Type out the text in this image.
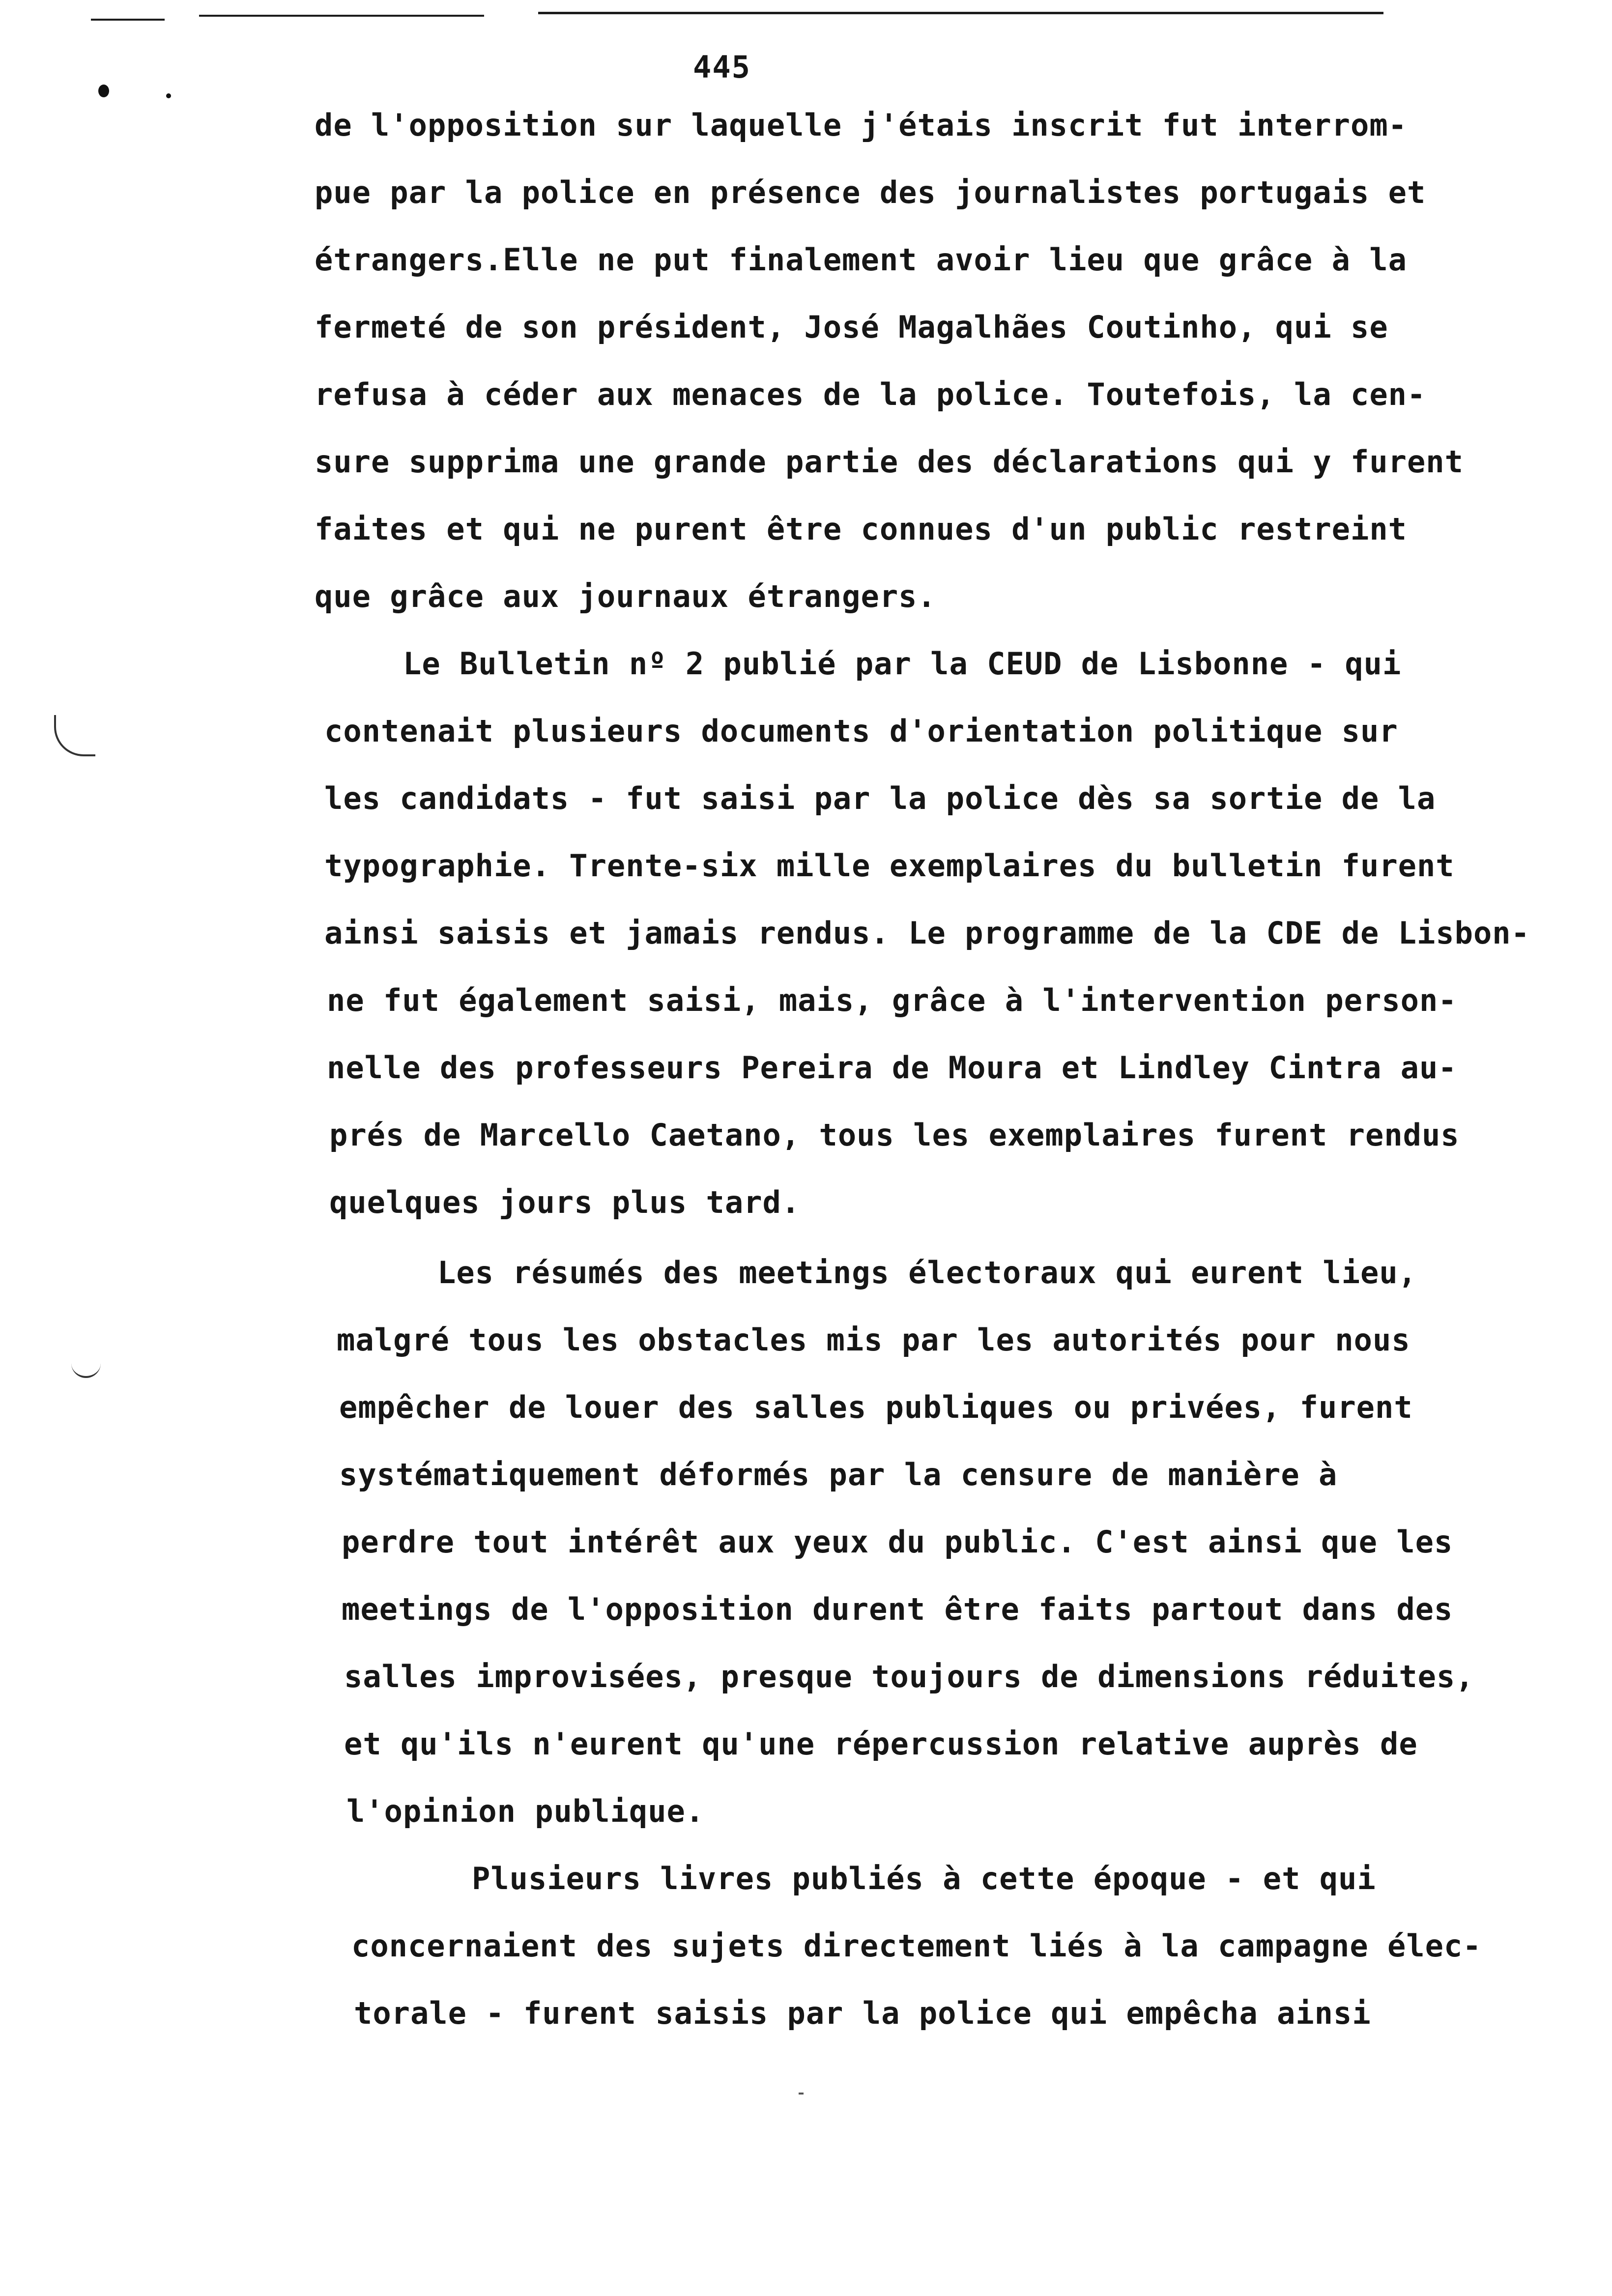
445
de l'opposition sur laquelle j'étais inscrit fut interrom-
pue par la police en présence des journalistes portugais et
étrangers.Elle ne put finalement avoir lieu que grâce à la
fermeté de son président, José Magalhães Coutinho, qui se
refusa à céder aux menaces de la police. Toutefois, la cen-
sure supprima une grande partie des déclarations qui y furent
faites et qui ne purent être connues d'un public restreint
que grâce aux journaux étrangers.
Le Bulletin nº 2 publié par la CEUD de Lisbonne - qui
contenait plusieurs documents d'orientation politique sur
les candidats - fut saisi par la police dès sa sortie de la
typographie. Trente-six mille exemplaires du bulletin furent
ainsi saisis et jamais rendus. Le programme de la CDE de Lisbon-
ne fut également saisi, mais, grâce à l'intervention person-
nelle des professeurs Pereira de Moura et Lindley Cintra au-
prés de Marcello Caetano, tous les exemplaires furent rendus
quelques jours plus tard.
Les résumés des meetings électoraux qui eurent lieu,
malgré tous les obstacles mis par les autorités pour nous
empêcher de louer des salles publiques ou privées, furent
systématiquement déformés par la censure de manière à
perdre tout intérêt aux yeux du public. C'est ainsi que les
meetings de l'opposition durent être faits partout dans des
salles improvisées, presque toujours de dimensions réduites,
et qu'ils n'eurent qu'une répercussion relative auprès de
l'opinion publique.
Plusieurs livres publiés à cette époque - et qui
concernaient des sujets directement liés à la campagne élec-
torale - furent saisis par la police qui empêcha ainsi
